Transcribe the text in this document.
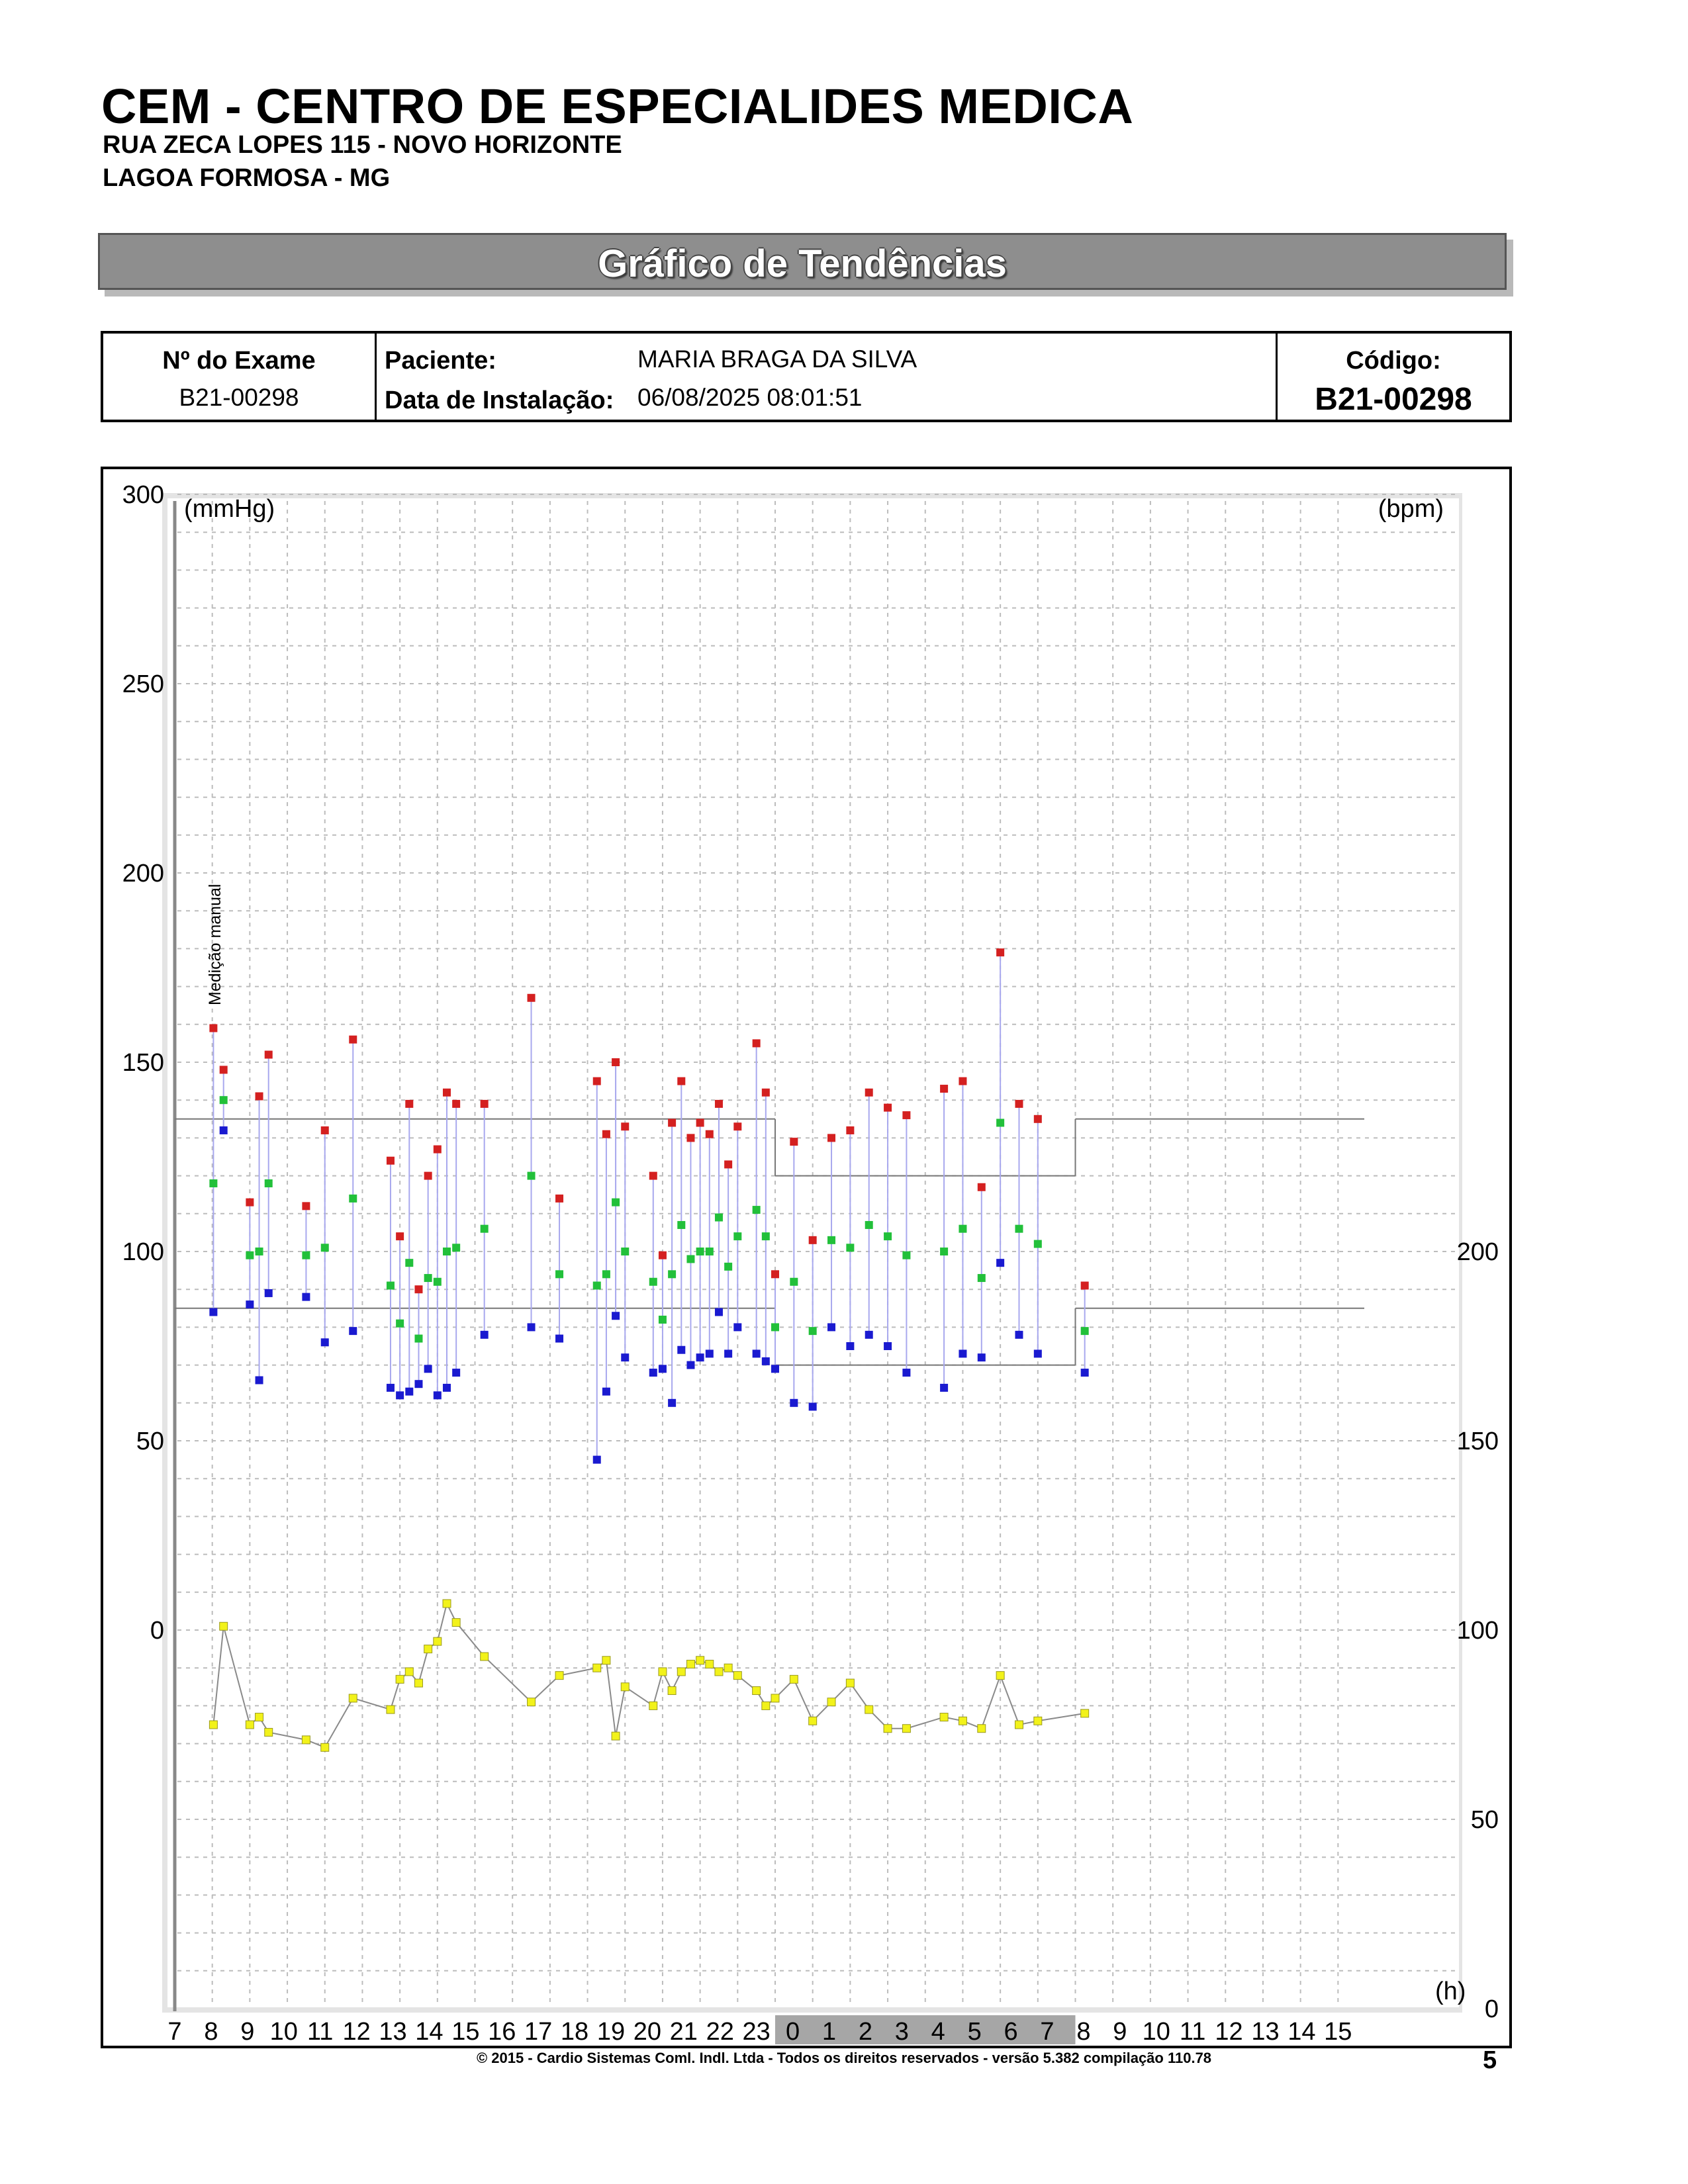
CEM - CENTRO DE ESPECIALIDES MEDICA
RUA ZECA LOPES 115 - NOVO HORIZONTE
LAGOA FORMOSA - MG
Gráfico de Tendências
Nº do Exame
B21-00298
Paciente:	MARIA BRAGA DA SILVA
Data de Instalação: 06/08/2025 08:01:51
Código:
B21-00298
300
250
200
150
100
50
0
200
150
100
50
0
7 8 9 10 11 12 13 14 15 16 17 18 19 20 21 22 23 0 1 2 3 4 5 6 7 8 9 10 11 12 13 14 15
(mmHg)	(bpm)
(h)
Medição manual
© 2015 - Cardio Sistemas Coml. Indl. Ltda - Todos os direitos reservados - versão 5.382 compilação 110.78	5
